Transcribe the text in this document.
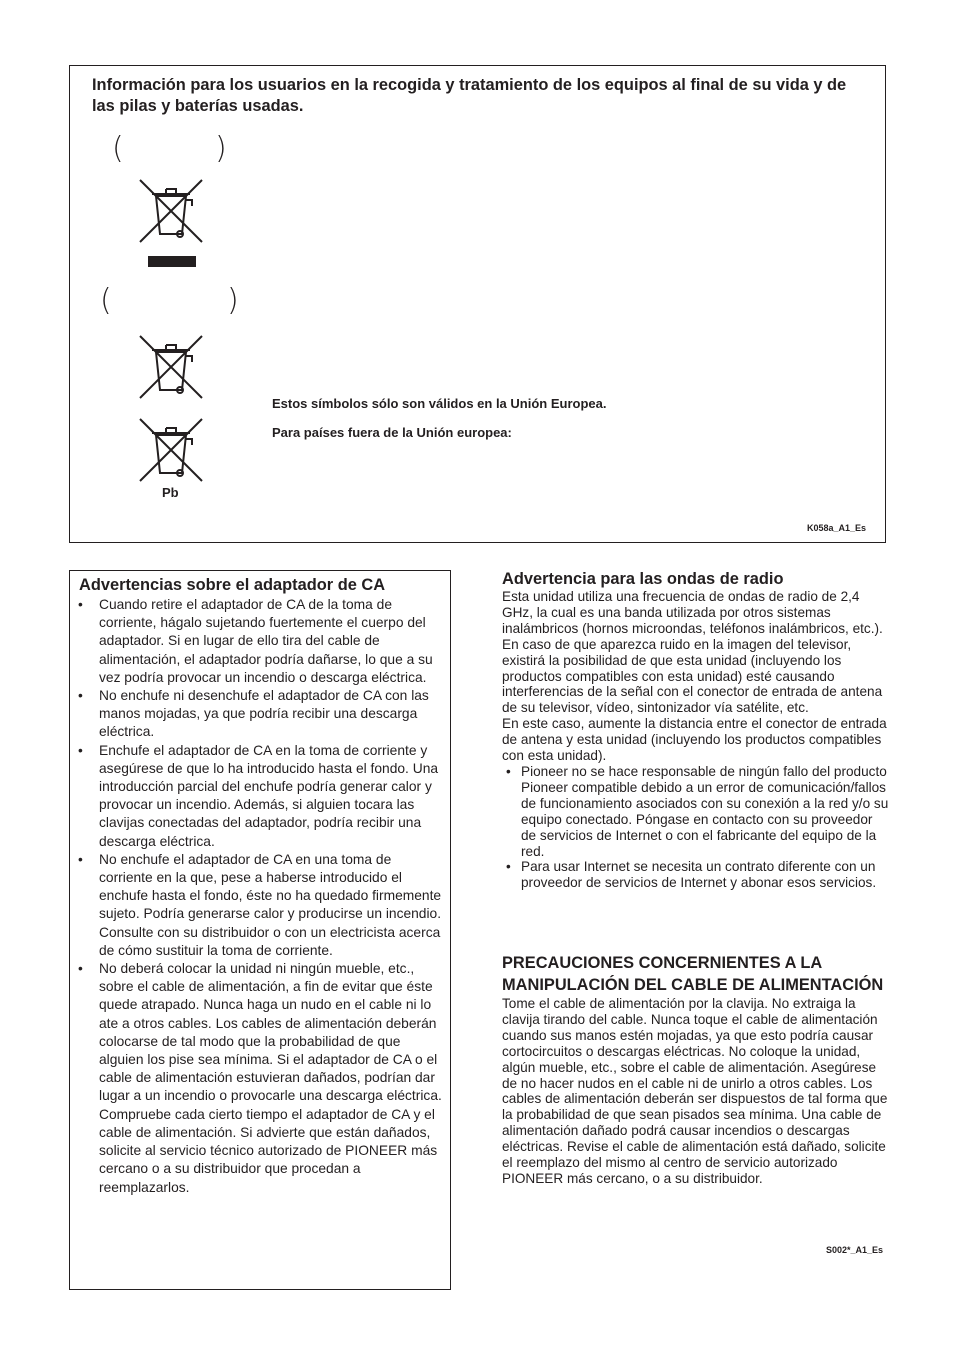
Información para los usuarios en la recogida y tratamiento de los equipos al final de su vida y de las pilas y baterías usadas.

(	)
(	)
Pb

Estos símbolos sólo son válidos en la Unión Europea.

Para países fuera de la Unión europea:

K058a_A1_Es
Advertencias sobre el adaptador de CA
• Cuando retire el adaptador de CA de la toma de corriente, hágalo sujetando fuertemente el cuerpo del adaptador. Si en lugar de ello tira del cable de alimentación, el adaptador podría dañarse, lo que a su vez podría provocar un incendio o descarga eléctrica.
• No enchufe ni desenchufe el adaptador de CA con las manos mojadas, ya que podría recibir una descarga eléctrica.
• Enchufe el adaptador de CA en la toma de corriente y asegúrese de que lo ha introducido hasta el fondo. Una introducción parcial del enchufe podría generar calor y provocar un incendio. Además, si alguien tocara las clavijas conectadas del adaptador, podría recibir una descarga eléctrica.
• No enchufe el adaptador de CA en una toma de corriente en la que, pese a haberse introducido el enchufe hasta el fondo, éste no ha quedado firmemente sujeto. Podría generarse calor y producirse un incendio. Consulte con su distribuidor o con un electricista acerca de cómo sustituir la toma de corriente.
• No deberá colocar la unidad ni ningún mueble, etc., sobre el cable de alimentación, a fin de evitar que éste quede atrapado. Nunca haga un nudo en el cable ni lo ate a otros cables. Los cables de alimentación deberán colocarse de tal modo que la probabilidad de que alguien los pise sea mínima. Si el adaptador de CA o el cable de alimentación estuvieran dañados, podrían dar lugar a un incendio o provocarle una descarga eléctrica. Compruebe cada cierto tiempo el adaptador de CA y el cable de alimentación. Si advierte que están dañados, solicite al servicio técnico autorizado de PIONEER más cercano o a su distribuidor que procedan a reemplazarlos.
Advertencia para las ondas de radio

Esta unidad utiliza una frecuencia de ondas de radio de 2,4 GHz, la cual es una banda utilizada por otros sistemas inalámbricos (hornos microondas, teléfonos inalámbricos, etc.).

En caso de que aparezca ruido en la imagen del televisor, existirá la posibilidad de que esta unidad (incluyendo los productos compatibles con esta unidad) esté causando interferencias de la señal con el conector de entrada de antena de su televisor, vídeo, sintonizador vía satélite, etc.

En este caso, aumente la distancia entre el conector de entrada de antena y esta unidad (incluyendo los productos compatibles con esta unidad).

• Pioneer no se hace responsable de ningún fallo del producto Pioneer compatible debido a un error de comunicación/fallos de funcionamiento asociados con su conexión a la red y/o su equipo conectado. Póngase en contacto con su proveedor de servicios de Internet o con el fabricante del equipo de la red.
• Para usar Internet se necesita un contrato diferente con un proveedor de servicios de Internet y abonar esos servicios.
PRECAUCIONES CONCERNIENTES A LA MANIPULACIÓN DEL CABLE DE ALIMENTACIÓN

Tome el cable de alimentación por la clavija. No extraiga la clavija tirando del cable. Nunca toque el cable de alimentación cuando sus manos estén mojadas, ya que esto podría causar cortocircuitos o descargas eléctricas. No coloque la unidad, algún mueble, etc., sobre el cable de alimentación. Asegúrese de no hacer nudos en el cable ni de unirlo a otros cables. Los cables de alimentación deberán ser dispuestos de tal forma que la probabilidad de que sean pisados sea mínima. Una cable de alimentación dañado podrá causar incendios o descargas eléctricas. Revise el cable de alimentación está dañado, solicite el reemplazo del mismo al centro de servicio autorizado PIONEER más cercano, o a su distribuidor.

S002*_A1_Es
